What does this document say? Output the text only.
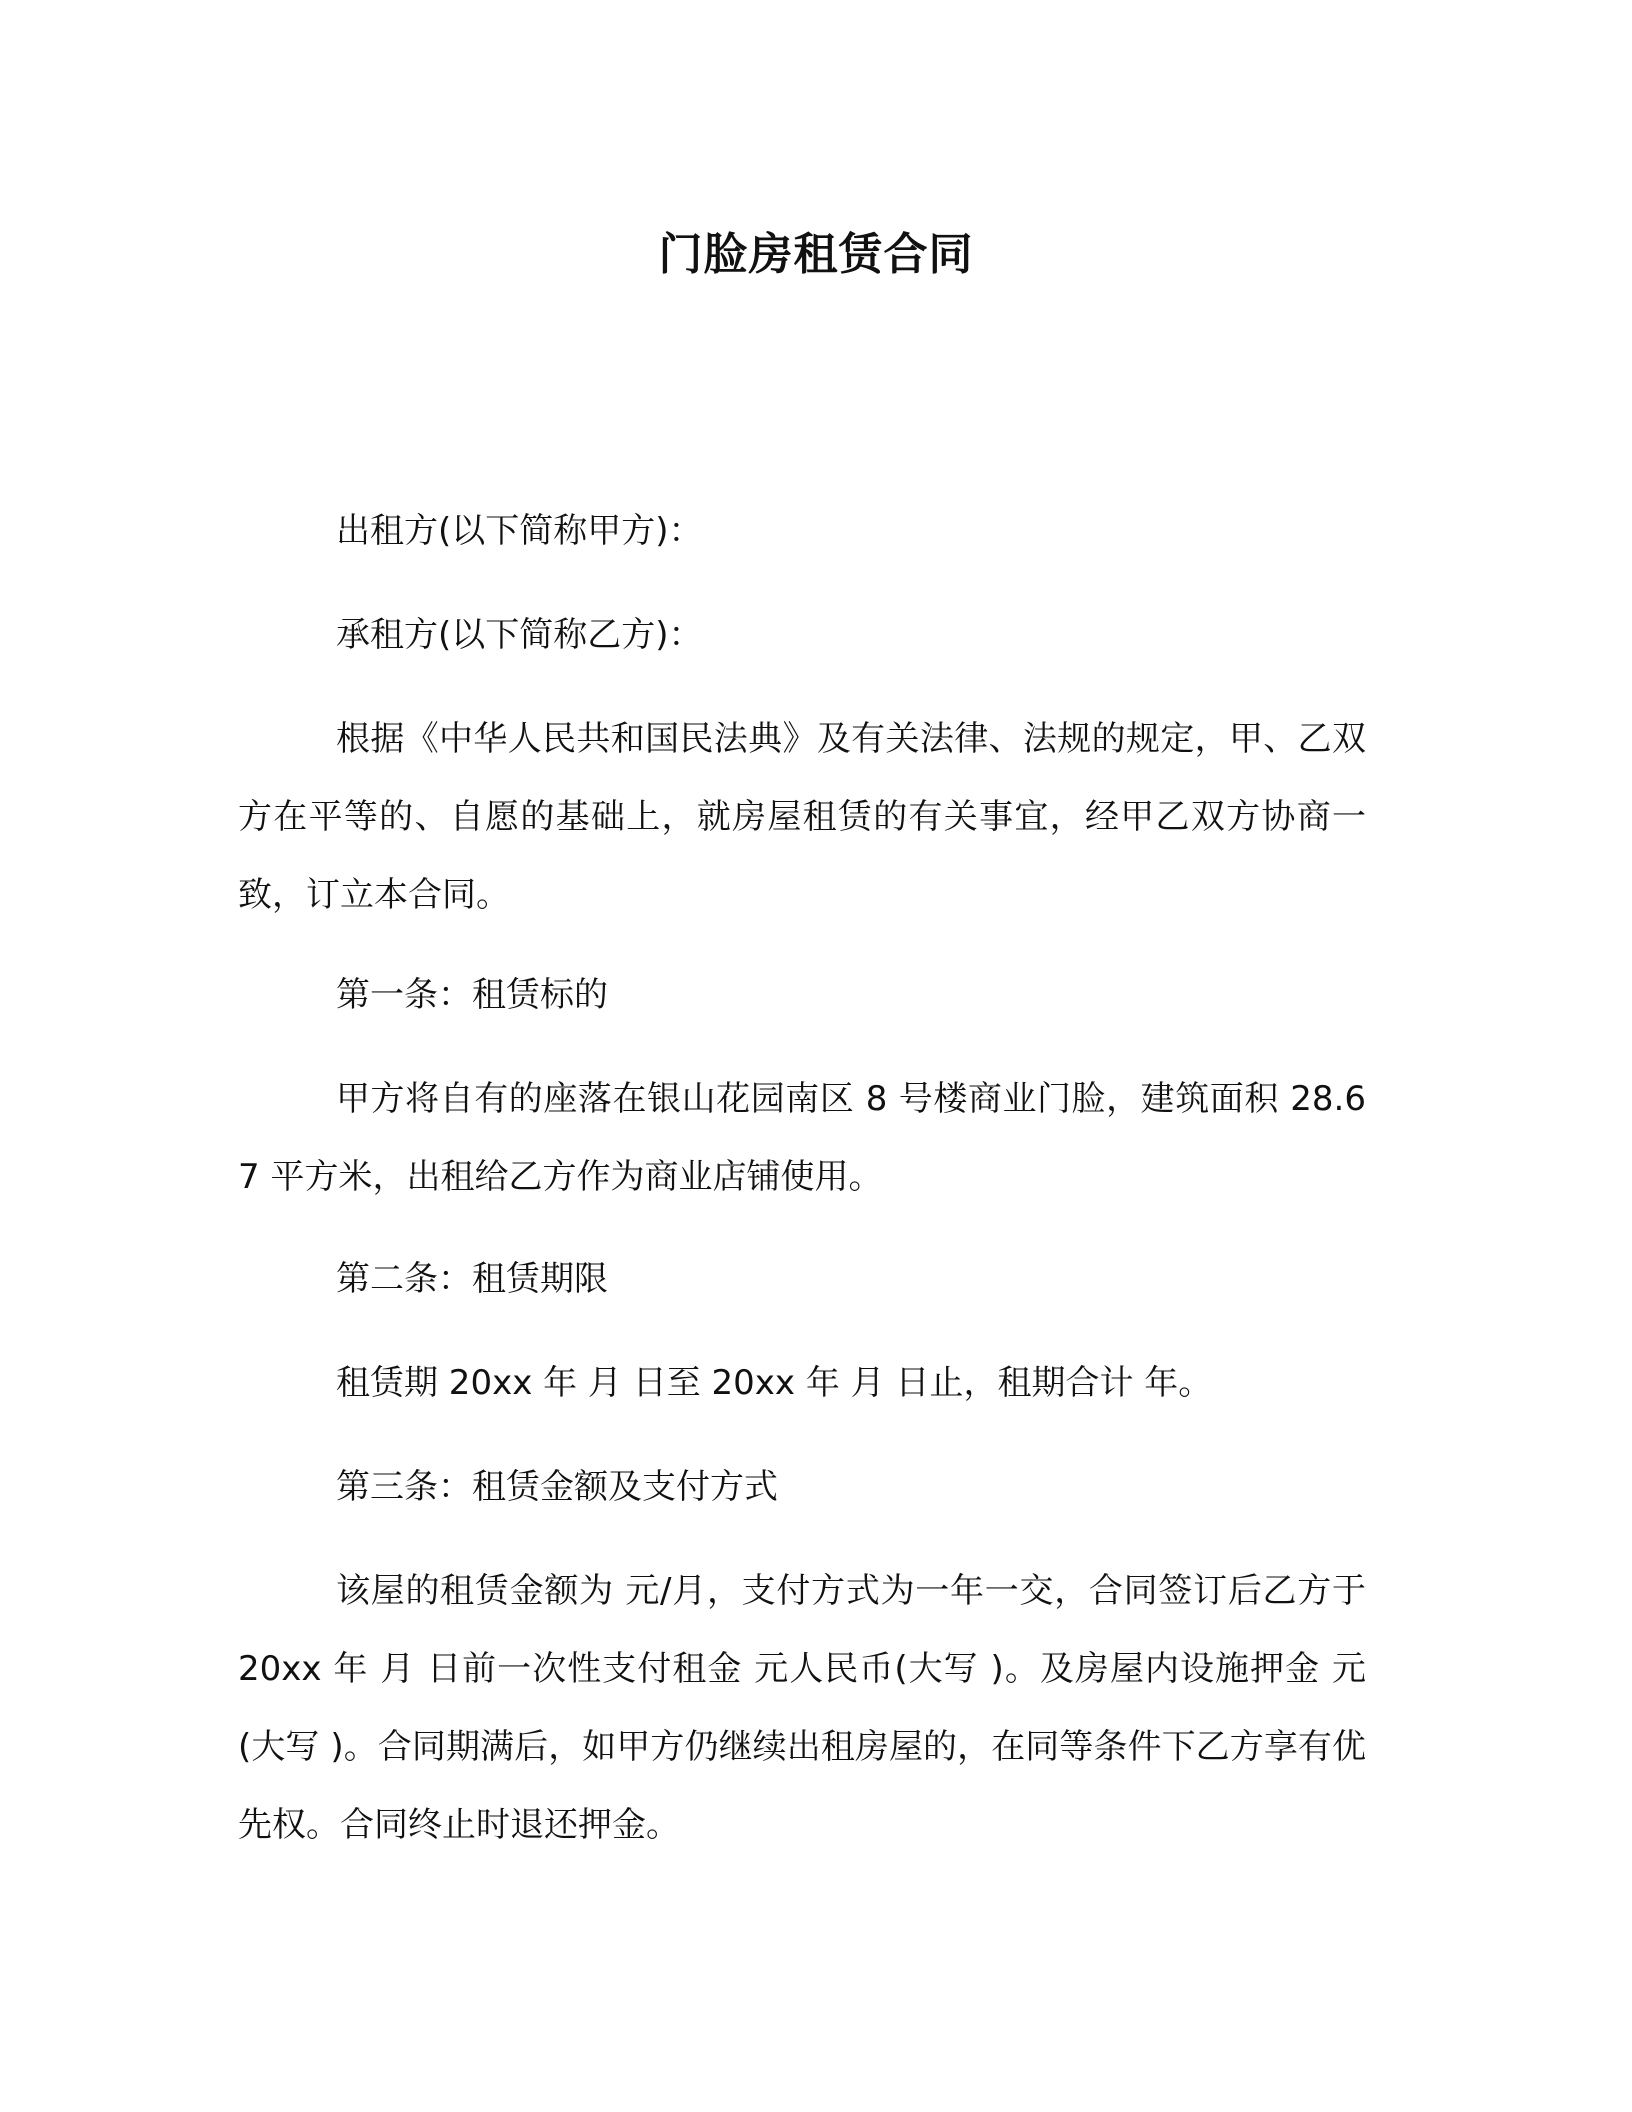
门脸房租赁合同

出租方(以下简称甲方)：

承租方(以下简称乙方)：

根据《中华人民共和国民法典》及有关法律、法规的规定，甲、乙双方在平等的、自愿的基础上，就房屋租赁的有关事宜，经甲乙双方协商一致，订立本合同。

第一条：租赁标的

甲方将自有的座落在银山花园南区 8 号楼商业门脸，建筑面积 28.67 平方米，出租给乙方作为商业店铺使用。

第二条：租赁期限

租赁期 20xx 年 月 日至 20xx 年 月 日止，租期合计 年。

第三条：租赁金额及支付方式

该屋的租赁金额为 元/月，支付方式为一年一交，合同签订后乙方于 20xx 年 月 日前一次性支付租金 元人民币(大写 )。及房屋内设施押金 元(大写 )。合同期满后，如甲方仍继续出租房屋的，在同等条件下乙方享有优先权。合同终止时退还押金。
